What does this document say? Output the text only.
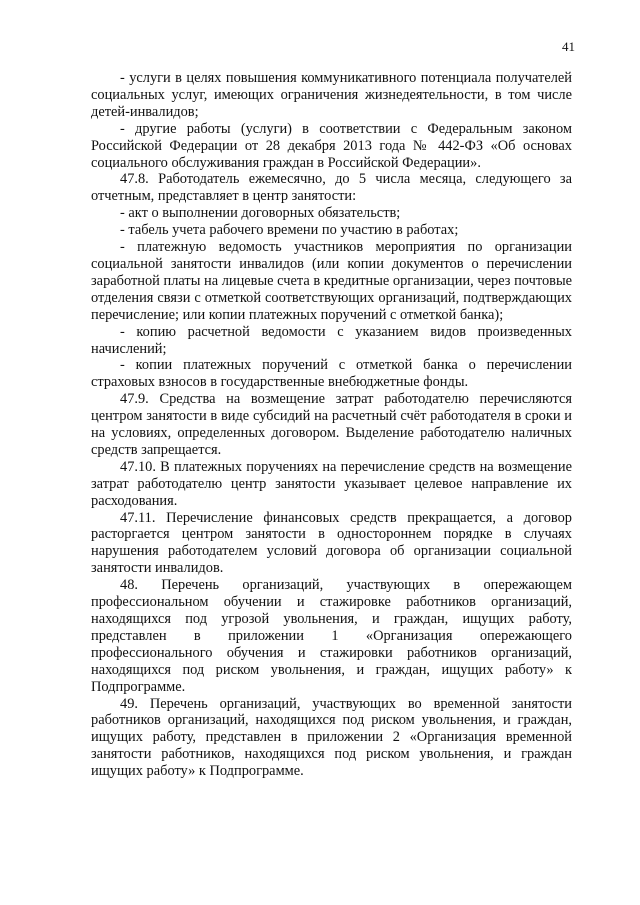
41

- услуги в целях повышения коммуникативного потенциала получателей социальных услуг, имеющих ограничения жизнедеятельности, в том числе детей-инвалидов;

- другие работы (услуги) в соответствии с Федеральным законом Российской Федерации от 28 декабря 2013 года № 442-ФЗ «Об основах социального обслуживания граждан в Российской Федерации».

47.8. Работодатель ежемесячно, до 5 числа месяца, следующего за отчетным, представляет в центр занятости:

- акт о выполнении договорных обязательств;

- табель учета рабочего времени по участию в работах;

- платежную ведомость участников мероприятия по организации социальной занятости инвалидов (или копии документов о перечислении заработной платы на лицевые счета в кредитные организации, через почтовые отделения связи с отметкой соответствующих организаций, подтверждающих перечисление; или копии платежных поручений с отметкой банка);

- копию расчетной ведомости с указанием видов произведенных начислений;

- копии платежных поручений с отметкой банка о перечислении страховых взносов в государственные внебюджетные фонды.

47.9. Средства на возмещение затрат работодателю перечисляются центром занятости в виде субсидий на расчетный счёт работодателя в сроки и на условиях, определенных договором. Выделение работодателю наличных средств запрещается.

47.10. В платежных поручениях на перечисление средств на возмещение затрат работодателю центр занятости указывает целевое направление их расходования.

47.11. Перечисление финансовых средств прекращается, а договор расторгается центром занятости в одностороннем порядке в случаях нарушения работодателем условий договора об организации социальной занятости инвалидов.

48. Перечень организаций, участвующих в опережающем профессиональном обучении и стажировке работников организаций, находящихся под угрозой увольнения, и граждан, ищущих работу, представлен в приложении 1 «Организация опережающего профессионального обучения и стажировки работников организаций, находящихся под риском увольнения, и граждан, ищущих работу» к Подпрограмме.

49. Перечень организаций, участвующих во временной занятости работников организаций, находящихся под риском увольнения, и граждан, ищущих работу, представлен в приложении 2 «Организация временной занятости работников, находящихся под риском увольнения, и граждан ищущих работу» к Подпрограмме.
